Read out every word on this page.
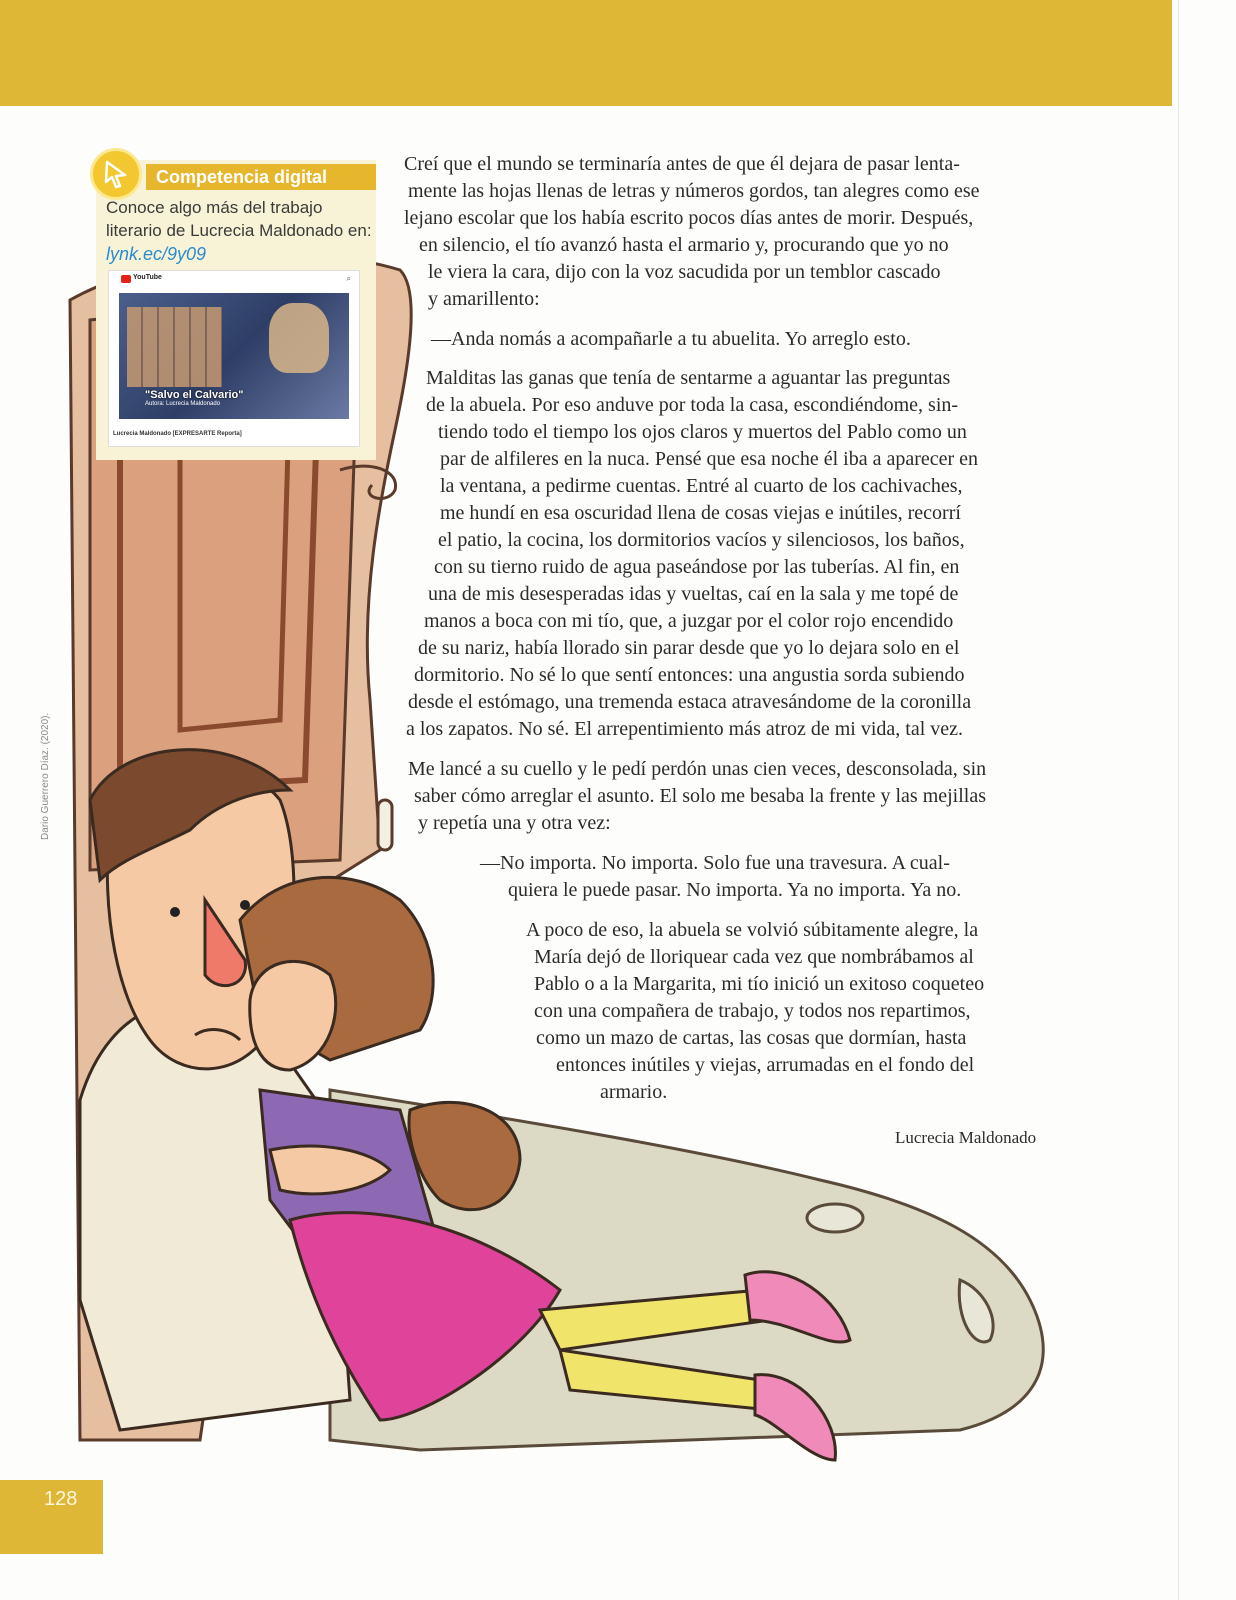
Competencia digital
Conoce algo más del trabajo literario de Lucrecia Maldonado en:
lynk.ec/9y09
YouTube	⌕
"Salvo el Calvario"
Autora: Lucrecia Maldonado
Lucrecia Maldonado [EXPRESARTE Reporta]
Creí que el mundo se terminaría antes de que él dejara de pasar lenta-
mente las hojas llenas de letras y números gordos, tan alegres como ese
lejano escolar que los había escrito pocos días antes de morir. Después,
en silencio, el tío avanzó hasta el armario y, procurando que yo no
le viera la cara, dijo con la voz sacudida por un temblor cascado
y amarillento:
—Anda nomás a acompañarle a tu abuelita. Yo arreglo esto.
Malditas las ganas que tenía de sentarme a aguantar las preguntas
de la abuela. Por eso anduve por toda la casa, escondiéndome, sin-
tiendo todo el tiempo los ojos claros y muertos del Pablo como un
par de alfileres en la nuca. Pensé que esa noche él iba a aparecer en
la ventana, a pedirme cuentas. Entré al cuarto de los cachivaches,
me hundí en esa oscuridad llena de cosas viejas e inútiles, recorrí
el patio, la cocina, los dormitorios vacíos y silenciosos, los baños,
con su tierno ruido de agua paseándose por las tuberías. Al fin, en
una de mis desesperadas idas y vueltas, caí en la sala y me topé de
manos a boca con mi tío, que, a juzgar por el color rojo encendido
de su nariz, había llorado sin parar desde que yo lo dejara solo en el
dormitorio. No sé lo que sentí entonces: una angustia sorda subiendo
desde el estómago, una tremenda estaca atravesándome de la coronilla
a los zapatos. No sé. El arrepentimiento más atroz de mi vida, tal vez.
Me lancé a su cuello y le pedí perdón unas cien veces, desconsolada, sin
saber cómo arreglar el asunto. El solo me besaba la frente y las mejillas
y repetía una y otra vez:
—No importa. No importa. Solo fue una travesura. A cual-
quiera le puede pasar. No importa. Ya no importa. Ya no.
A poco de eso, la abuela se volvió súbitamente alegre, la
María dejó de lloriquear cada vez que nombrábamos al
Pablo o a la Margarita, mi tío inició un exitoso coqueteo
con una compañera de trabajo, y todos nos repartimos,
como un mazo de cartas, las cosas que dormían, hasta
entonces inútiles y viejas, arrumadas en el fondo del
armario.
Lucrecia Maldonado
Dario Guerrero Díaz. (2020).
128
